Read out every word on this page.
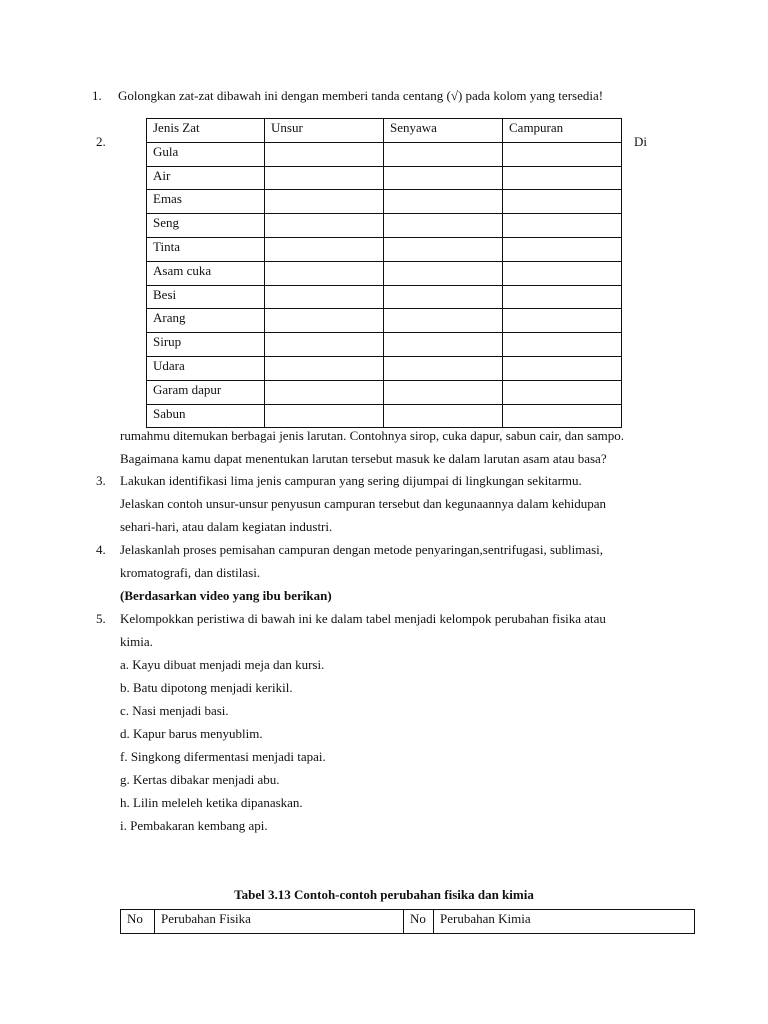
1. Golongkan zat-zat dibawah ini dengan memberi tanda centang (√) pada kolom yang tersedia!
2.	Di
Jenis Zat	Unsur	Senyawa	Campuran
Gula			
Air			
Emas			
Seng			
Tinta			
Asam cuka			
Besi			
Arang			
Sirup			
Udara			
Garam dapur			
Sabun			
rumahmu ditemukan berbagai jenis larutan. Contohnya sirop, cuka dapur, sabun cair, dan sampo.
Bagaimana kamu dapat menentukan larutan tersebut masuk ke dalam larutan asam atau basa?
3. Lakukan identifikasi lima jenis campuran yang sering dijumpai di lingkungan sekitarmu.
Jelaskan contoh unsur-unsur penyusun campuran tersebut dan kegunaannya dalam kehidupan
sehari-hari, atau dalam kegiatan industri.
4. Jelaskanlah proses pemisahan campuran dengan metode penyaringan,sentrifugasi, sublimasi,
kromatografi, dan distilasi.
(Berdasarkan video yang ibu berikan)
5. Kelompokkan peristiwa di bawah ini ke dalam tabel menjadi kelompok perubahan fisika atau
kimia.
a. Kayu dibuat menjadi meja dan kursi.
b. Batu dipotong menjadi kerikil.
c. Nasi menjadi basi.
d. Kapur barus menyublim.
f. Singkong difermentasi menjadi tapai.
g. Kertas dibakar menjadi abu.
h. Lilin meleleh ketika dipanaskan.
i. Pembakaran kembang api.
Tabel 3.13 Contoh-contoh perubahan fisika dan kimia
No	Perubahan Fisika	No	Perubahan Kimia
